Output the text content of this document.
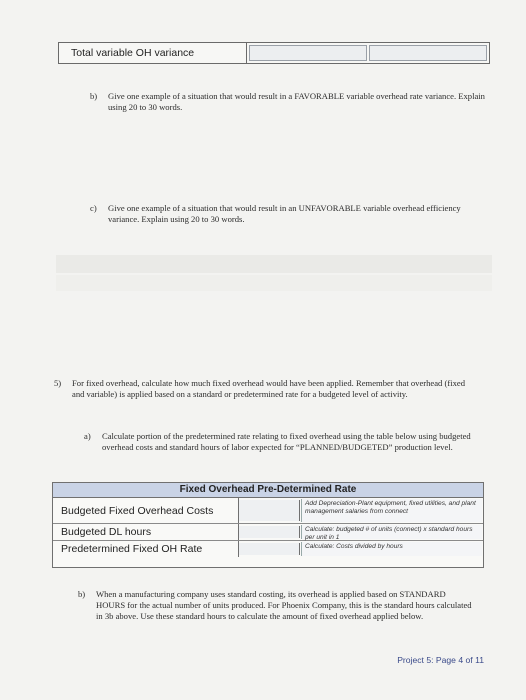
Total variable OH variance
b) Give one example of a situation that would result in a FAVORABLE variable overhead rate variance. Explain using 20 to 30 words.
c) Give one example of a situation that would result in an UNFAVORABLE variable overhead efficiency variance. Explain using 20 to 30 words.
5) For fixed overhead, calculate how much fixed overhead would have been applied. Remember that overhead (fixed and variable) is applied based on a standard or predetermined rate for a budgeted level of activity.
a) Calculate portion of the predetermined rate relating to fixed overhead using the table below using budgeted overhead costs and standard hours of labor expected for “PLANNED/BUDGETED” production level.
Fixed Overhead Pre-Determined Rate
Budgeted Fixed Overhead Costs
Add Depreciation-Plant equipment, fixed utilities, and plant management salaries from connect
Budgeted DL hours	Calculate: budgeted # of units (connect) x standard hours per unit in 1
Predetermined Fixed OH Rate	Calculate: Costs divided by hours
b) When a manufacturing company uses standard costing, its overhead is applied based on STANDARD HOURS for the actual number of units produced. For Phoenix Company, this is the standard hours calculated in 3b above. Use these standard hours to calculate the amount of fixed overhead applied below.
Project 5: Page 4 of 11
